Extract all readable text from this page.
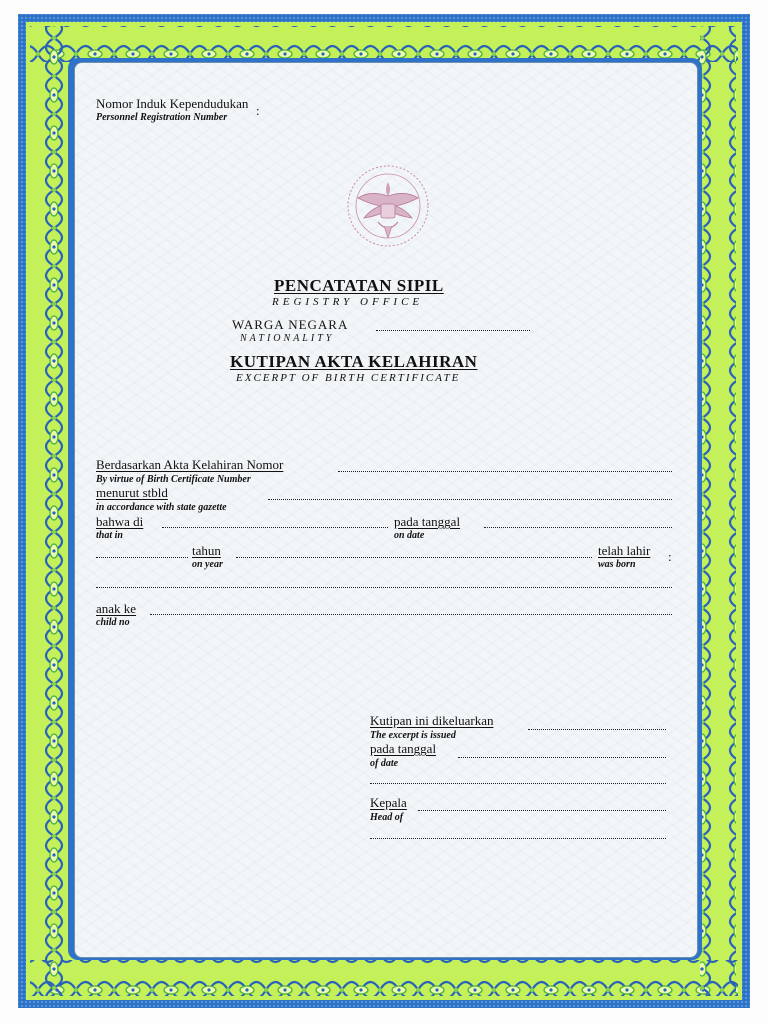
Nomor Induk Kependudukan
Personnel Registration Number :
PENCATATAN SIPIL
REGISTRY OFFICE
WARGA NEGARA
NATIONALITY
KUTIPAN AKTA KELAHIRAN
EXCERPT OF BIRTH CERTIFICATE
Berdasarkan Akta Kelahiran Nomor
By virtue of Birth Certificate Number
menurut stbld
in accordance with state gazette
bahwa di
that in
pada tanggal
on date
tahun
on year
telah lahir
was born
:
anak ke
child no
Kutipan ini dikeluarkan
The excerpt is issued
pada tanggal
of date
Kepala
Head of
